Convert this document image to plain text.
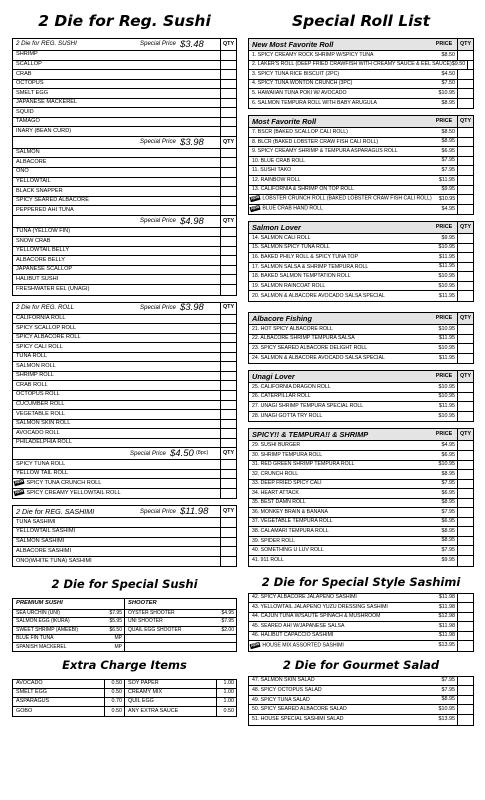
2 Die for Reg. Sushi
2 Die for REG. SUSHI	Special Price $3.48	QTY
SHRIMP
SCALLOP
CRAB
OCTOPUS
SMELT EGG
JAPANESE MACKEREL
SQUID
TAMAGO
INARY (BEAN CURD)
Special Price $3.98	QTY
SALMON
ALBACORE
ONO
YELLOWTAIL
BLACK SNAPPER
SPICY SEARED ALBACORE
PEPPERED AHI TUNA
Special Price $4.98	QTY
TUNA (YELLOW FIN)
SNOW CRAB
YELLOWTAIL BELLY
ALBACORE BELLY
JAPANESE SCALLOP
HALIBUT SUSHI
FRESHWATER EEL (UNAGI)
2 Die for REG. ROLL	Special Price $3.98	QTY
CALIFORNIA ROLL
SPICY SCALLOP ROLL
SPICY ALBACORE ROLL
SPICY CALI ROLL
TUNA ROLL
SALMON ROLL
SHRIMP ROLL
CRAB ROLL
OCTOPUS ROLL
CUCUMBER ROLL
VEGETABLE ROLL
SALMON SKIN ROLL
AVOCADO ROLL
PHILADELPHIA ROLL
Special Price $4.50 (8pc)	QTY
SPICY TUNA ROLL
YELLOW TAIL ROLL
NEW SPICY TUNA CRUNCH ROLL
NEW SPICY CREAMY YELLOWTAIL ROLL
2 Die for REG. SASHIMI	Special Price $11.98	QTY
TUNA SASHIMI
YELLOWTAIL SASHIMI
SALMON SASHIMI
ALBACORE SASHIMI
ONO(WHITE TUNA) SASHIMI
2 Die for Special Sushi
PREMIUM SUSHI
SEA URCHIN (UNI)	$7.95
SALMON EGG (IKURA)	$5.95
SWEET SHRIMP (AMEEBI)	$6.50
BLUE FIN TUNA	MP
SPANISH MACKEREL	MP
SHOOTER
OYSTER SHOOTER	$4.95
UNI SHOOTER	$7.95
QUAIL EGG SHOOTER	$2.00
Extra Charge Items
AVOCADO	0.50
SMELT EGG	0.50
ASPARAGUS	0.70
GOBO	0.50
SOY PAPER	1.00
CREAMY MIX	1.00
QUIL EGG	1.00
ANY EXTRA SAUCE	0.50
Special Roll List
New Most Favorite Roll	PRICE	QTY
1. SPICY CREAMY ROCK SHRIMP W/SPICY TUNA	$8.50
2. LAKER'S ROLL (DEEP FRIED CRAWFISH WITH CREAMY SAUCE & EEL SAUCE) $9.50
3. SPICY TUNA RICE BISCUIT (2PC)	$4.50
4. SPICY TUNA WONTON CRUNCH (3PC)	$7.50
5. HAWAIIAN TUNA POKI W/ AVOCADO	$10.95
6. SALMON TEMPURA ROLL WITH BABY ARUGULA	$8.95
Most Favorite Roll	PRICE	QTY
7. BSCR (BAKED SCALLOP CALI ROLL)	$8.50
8. BLCR (BAKED LOBSTER CRAW FISH CALI ROLL)	$8.95
9. SPICY CREAMY SHRIMP & TEMPURA ASPARAGUS ROLL	$6.95
10. BLUE CRAB ROLL	$7.95
11. SUSHI TAKO	$7.95
12. RAINBOW ROLL	$11.95
13. CALIFORNIA & SHRIMP ON TOP ROLL	$9.95
NEW LOBSTER CRUNCH ROLL (BAKED LOBSTER CRAW FISH CALI ROLL)	$10.95
NEW BLUE CRAB HAND ROLL	$4.95
Salmon Lover	PRICE	QTY
14. SALMON CALI ROLL	$9.95
15. SALMON SPICY TUNA ROLL	$10.95
16. BAKED PHILY ROLL & SPICY TUNA TOP	$11.95
17. SALMON SALSA & SHRIMP TEMPURA ROLL	$11.95
18. BAKED SALMON TEMPTATION ROLL	$10.95
19. SALMON RAINCOAT ROLL	$10.95
20. SALMON & ALBACORE AVOCADO SALSA SPECIAL	$11.95
Albacore Fishing	PRICE	QTY
21. HOT SPICY ALBACORE ROLL	$10.95
22. ALBACORE SHRIMP TEMPURA SALSA	$11.95
23. SPICY SEARED ALBACORE DELIGHT ROLL	$10.95
24. SALMON & ALBACORE AVOCADO SALSA SPECIAL	$11.95
Unagi Lover	PRICE	QTY
25. CALIFORNIA DRAGON ROLL	$10.95
26. CATERPILLAR ROLL	$10.95
27. UNAGI SHRIMP TEMPURA SPECIAL ROLL	$11.95
28. UNAGI GOTTA TRY ROLL	$10.95
SPICY!! & TEMPURA!! & SHRIMP	PRICE	QTY
29. SUSHI BURGER	$4.95
30. SHRIMP TEMPURA ROLL	$6.95
31. RED GREEN SHRIMP TEMPURA ROLL	$10.95
32. CRUNCH ROLL	$8.95
33. DEEP FRIED SPICY CALI	$7.95
34. HEART ATTACK	$6.95
35. BEST DAMN ROLL	$8.95
36. MONKEY BRAIN & BANANA	$7.95
37. VEGETABLE TEMPURA ROLL	$6.95
38. CALAMARI TEMPURA ROLL	$8.95
39. SPIDER ROLL	$8.95
40. SOMETHING U LUV ROLL	$7.95
41. 911 ROLL	$9.95
2 Die for Special Style Sashimi
42. SPICY ALBACORE JALAPENO SASHIMI	$11.98
43. YELLOWTAIL JALAPENO YUZU DRESSING SASHIMI	$11.98
44. CAJUN TUNA W/SAUTE SPINACH & MUSHROOM	$12.98
45. SEARED AHI W/JAPANESE SALSA	$11.98
46. HALIBUT CAPACCIO SASHIMI	$11.98
NEW HOUSE MIX ASSORTED SASHIMI	$13.95
2 Die for Gourmet Salad
47. SALMON SKIN SALAD	$7.95
48. SPICY OCTOPUS SALAD	$7.95
49. SPICY TUNA SALAD	$8.95
50. SPICY SEARED ALBACORE SALAD	$10.95
51. HOUSE SPECIAL SASHIMI SALAD	$13.95
